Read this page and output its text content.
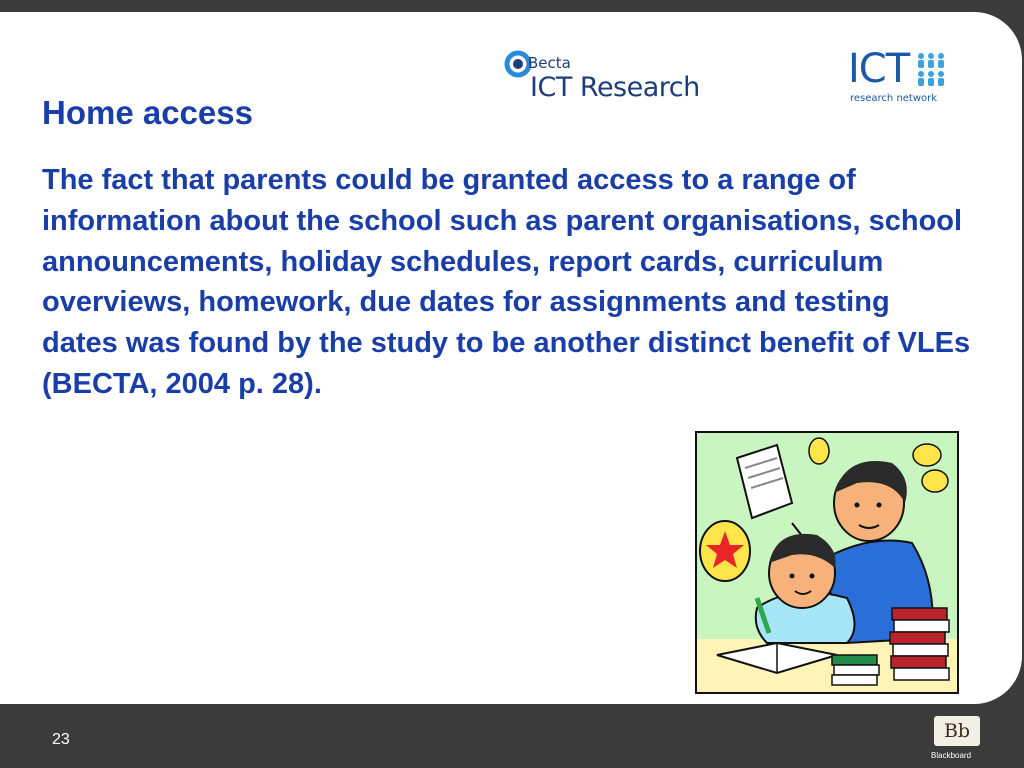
Becta
ICT Research	ICT
research network
Home access
The fact that parents could be granted access to a range of information about the school such as parent organisations, school announcements, holiday schedules, report cards, curriculum overviews, homework, due dates for assignments and testing dates was found by the study to be another distinct benefit of VLEs (BECTA, 2004 p. 28).
23	Bb
Blackboard
